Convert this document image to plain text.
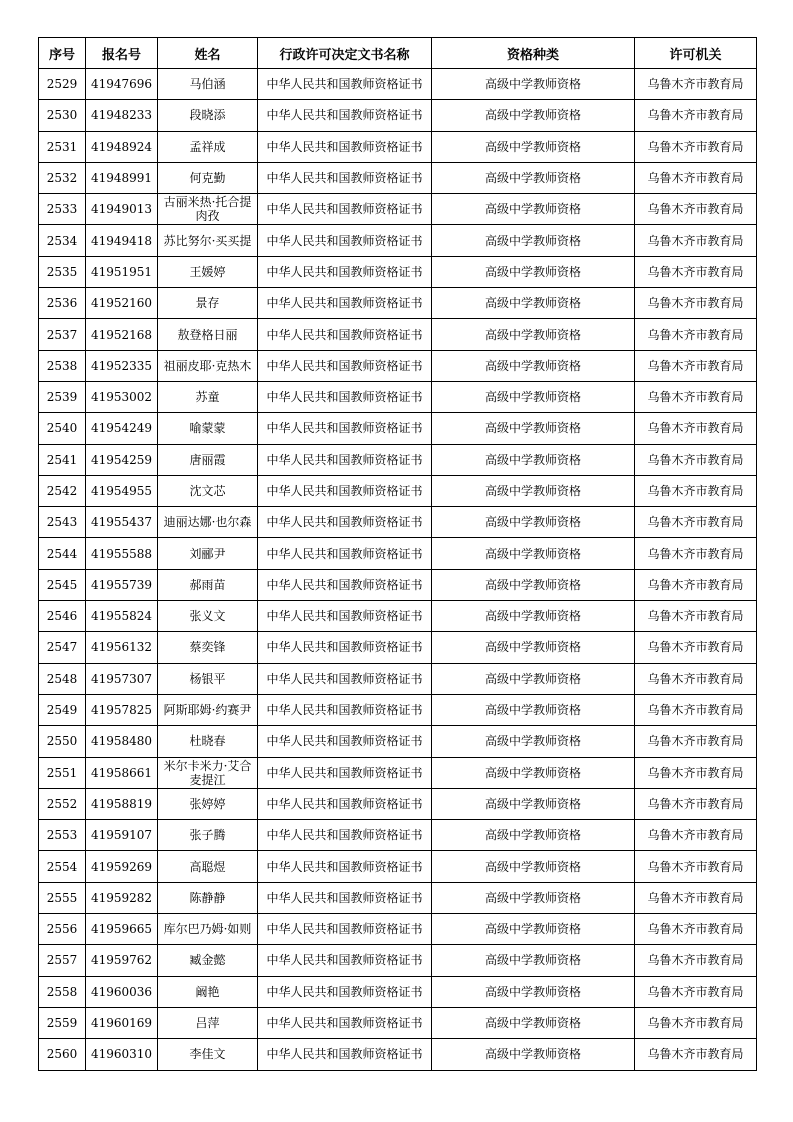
序号	报名号	姓名	行政许可决定文书名称	资格种类	许可机关
2529	41947696	马伯涵	中华人民共和国教师资格证书	高级中学教师资格	乌鲁木齐市教育局
2530	41948233	段晓添	中华人民共和国教师资格证书	高级中学教师资格	乌鲁木齐市教育局
2531	41948924	孟祥成	中华人民共和国教师资格证书	高级中学教师资格	乌鲁木齐市教育局
2532	41948991	何克勤	中华人民共和国教师资格证书	高级中学教师资格	乌鲁木齐市教育局
2533	41949013	古丽米热·托合提肉孜	中华人民共和国教师资格证书	高级中学教师资格	乌鲁木齐市教育局
2534	41949418	苏比努尔·买买提	中华人民共和国教师资格证书	高级中学教师资格	乌鲁木齐市教育局
2535	41951951	王媛婷	中华人民共和国教师资格证书	高级中学教师资格	乌鲁木齐市教育局
2536	41952160	景存	中华人民共和国教师资格证书	高级中学教师资格	乌鲁木齐市教育局
2537	41952168	敖登格日丽	中华人民共和国教师资格证书	高级中学教师资格	乌鲁木齐市教育局
2538	41952335	祖丽皮耶·克热木	中华人民共和国教师资格证书	高级中学教师资格	乌鲁木齐市教育局
2539	41953002	苏童	中华人民共和国教师资格证书	高级中学教师资格	乌鲁木齐市教育局
2540	41954249	喻蒙蒙	中华人民共和国教师资格证书	高级中学教师资格	乌鲁木齐市教育局
2541	41954259	唐丽霞	中华人民共和国教师资格证书	高级中学教师资格	乌鲁木齐市教育局
2542	41954955	沈文芯	中华人民共和国教师资格证书	高级中学教师资格	乌鲁木齐市教育局
2543	41955437	迪丽达娜·也尔森	中华人民共和国教师资格证书	高级中学教师资格	乌鲁木齐市教育局
2544	41955588	刘郦尹	中华人民共和国教师资格证书	高级中学教师资格	乌鲁木齐市教育局
2545	41955739	郝雨苗	中华人民共和国教师资格证书	高级中学教师资格	乌鲁木齐市教育局
2546	41955824	张义文	中华人民共和国教师资格证书	高级中学教师资格	乌鲁木齐市教育局
2547	41956132	蔡奕锋	中华人民共和国教师资格证书	高级中学教师资格	乌鲁木齐市教育局
2548	41957307	杨银平	中华人民共和国教师资格证书	高级中学教师资格	乌鲁木齐市教育局
2549	41957825	阿斯耶姆·约赛尹	中华人民共和国教师资格证书	高级中学教师资格	乌鲁木齐市教育局
2550	41958480	杜晓春	中华人民共和国教师资格证书	高级中学教师资格	乌鲁木齐市教育局
2551	41958661	米尔卡米力·艾合麦提江	中华人民共和国教师资格证书	高级中学教师资格	乌鲁木齐市教育局
2552	41958819	张婷婷	中华人民共和国教师资格证书	高级中学教师资格	乌鲁木齐市教育局
2553	41959107	张子腾	中华人民共和国教师资格证书	高级中学教师资格	乌鲁木齐市教育局
2554	41959269	高聪煜	中华人民共和国教师资格证书	高级中学教师资格	乌鲁木齐市教育局
2555	41959282	陈静静	中华人民共和国教师资格证书	高级中学教师资格	乌鲁木齐市教育局
2556	41959665	库尔巴乃姆·如则	中华人民共和国教师资格证书	高级中学教师资格	乌鲁木齐市教育局
2557	41959762	臧金懿	中华人民共和国教师资格证书	高级中学教师资格	乌鲁木齐市教育局
2558	41960036	阚艳	中华人民共和国教师资格证书	高级中学教师资格	乌鲁木齐市教育局
2559	41960169	吕萍	中华人民共和国教师资格证书	高级中学教师资格	乌鲁木齐市教育局
2560	41960310	李佳文	中华人民共和国教师资格证书	高级中学教师资格	乌鲁木齐市教育局
